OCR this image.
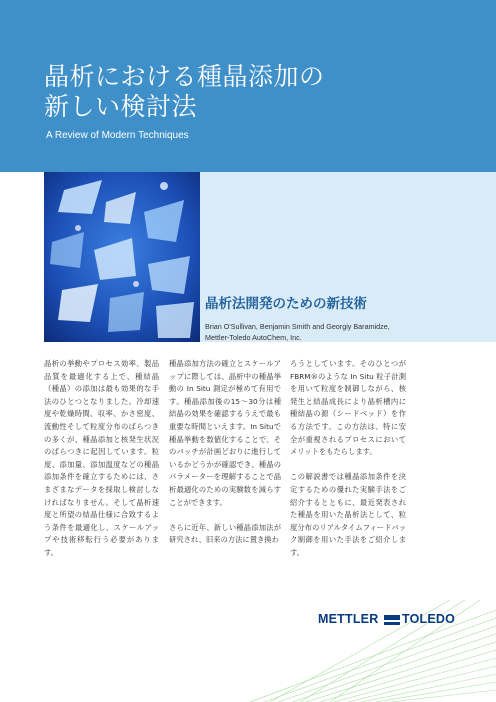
晶析における種晶添加の
新しい検討法
A Review of Modern Techniques
晶析法開発のための新技術
Brian O'Sullivan, Benjamin Smith and Georgiy Baramidze,
Mettler-Toledo AutoChem, Inc.

晶析の挙動やプロセス効率、製品品質を最適化する上で、種結晶（種晶）の添加は最も効果的な手法のひとつとなりました。冷却速度や乾燥時間、収率、かさ密度、流動性そして粒度分布のばらつきの多くが、種晶添加と核発生状況のばらつきに起因しています。粒度、添加量、添加温度などの種晶添加条件を確立するためには、さまざまなデータを採取し検討しなければなりません。そして晶析速度と所望の結晶仕様に合致するよう条件を最適化し、スケールアップや技術移転行う必要があります。

種晶添加方法の確立とスケールアップに際しては、晶析中の種晶挙動の In Situ 測定が極めて有用です。種晶添加後の15～30分は種結晶の効果を確認するうえで最も重要な時間といえます。In Situで種晶挙動を数値化することで、そのバッチが計画どおりに進行しているかどうかが確認でき、種晶のパラメーターを理解することで晶析最適化のための実験数を減らすことができます。

さらに近年、新しい種晶添加法が研究され、旧来の方法に置き換わ

ろうとしています。そのひとつがFBRM®のような In Situ 粒子計測を用いて粒度を制御しながら、核発生と結晶成長により晶析槽内に種結晶の源（シードベッド）を作る方法です。この方法は、特に安全が重視されるプロセスにおいてメリットをもたらします。

この解説書では種晶添加条件を決定するための優れた実験手法をご紹介するとともに、最近発表された種晶を用いた晶析法として、粒度分布のリアルタイムフィードバック制御を用いた手法をご紹介します。

METTLER TOLEDO
